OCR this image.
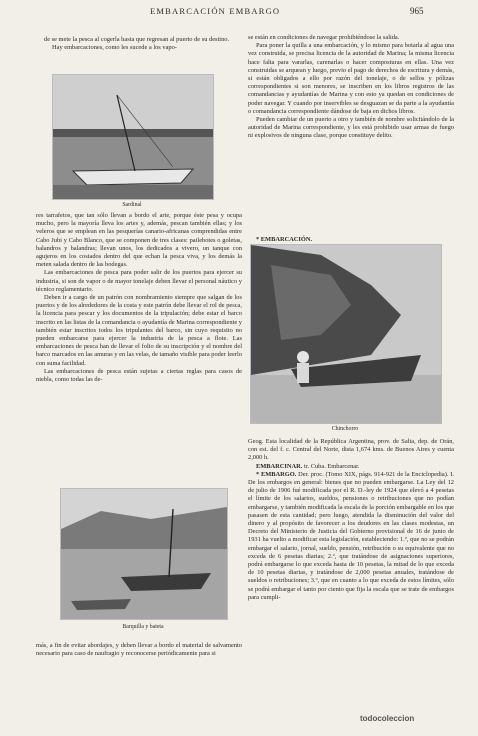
EMBARCACIÓN EMBARGO	965

de se mete la pesca al cogerla hasta que regresan al puerto de su destino.

Hay embarcaciones, como les sucede a los vapo-

Sardinal

res tarrafetos, que tan sólo llevan a bordo el arte, porque éste pesa y ocupa mucho, pero la mayoría lleva los artes y, además, pescan también ellas; y los veleros que se emplean en las pesquerías canario-africanas comprendidas entre Cabo Jubi y Cabo Blanco, que se componen de tres clases: pailebotes o goletas, balandros y balandras; llevan unos, los dedicados a vivero, un tanque con agujeros en los costados dentro del que echan la pesca viva, y los demás la meten salada dentro de las bodegas.

Las embarcaciones de pesca para poder salir de los puertos para ejercer su industria, si son de vapor o de mayor tonelaje deben llevar el personal náutico y técnico reglamentario.

Deben ir a cargo de un patrón con nombramiento siempre que salgan de los puertos y de los alrededores de la costa y este patrón debe llevar el rol de pesca, la licencia para pescar y los documentos de la tripulación; debe estar el barco inscrito en las listas de la comandancia o ayudantía de Marina correspondiente y también estar inscritos todos los tripulantes del barco, sin cuyo requisito no pueden embarcarse para ejercer la industria de la pesca a flote. Las embarcaciones de pesca han de llevar el folio de su inscripción y el nombre del barco marcados en las amuras y en las velas, de tamaño visible para poder leerlo con suma facilidad.

Las embarcaciones de pesca están sujetas a ciertas reglas para casos de niebla, como todas las de-

Barquilla y bateta

más, a fin de evitar abordajes, y deben llevar a bordo el material de salvamento necesario para caso de naufragio y reconocerse periódicamente para si

se están en condiciones de navegar prohibiéndose la salida.

Para poner la quilla a una embarcación, y lo mismo para botarla al agua una vez construida, se precisa licencia de la autoridad de Marina; la misma licencia hace falta para vararlas, carenarlas o hacer composturas en ellas. Una vez construidas se arquean y luego, previo el pago de derechos de escritura y demás, si están obligados a ello por razón del tonelaje, o de sellos y pólizas correspondientes si son menores, se inscriben en los libros registros de las comandancias y ayudantías de Marina y con esto ya quedan en condiciones de poder navegar. Y cuando por inservibles se desguazan se da parte a la ayudantía o comandancia correspondiente dándose de baja en dichos libros.

Pueden cambiar de un puerto a otro y también de nombre solicitándolo de la autoridad de Marina correspondiente, y les está prohibido usar armas de fuego ni explosivos de ninguna clase, porque constituye delito.

* EMBARCACIÓN.

Chinchorro

Geog. Esta localidad de la República Argentina, prov. de Salta, dep. de Orán, con est. del f. c. Central del Norte, dista 1,674 kms. de Buenos Aires y cuenta 2,000 h.

EMBARCINAR. tr. Cuba. Embarcenar.

* EMBARGO. Der. proc. (Tomo XIX, págs. 914-921 de la Enciclopedia). I. De los embargos en general: bienes que no pueden embargarse. La Ley del 12 de julio de 1906 fué modificada por el R. D.-ley de 1924 que elevó a 4 pesetas el límite de los salarios, sueldos, pensiones o retribuciones que no podían embargarse, y también modificada la escala de la porción embargable en los que pasasen de esta cantidad; pero luego, atendida la disminución del valor del dinero y al propósito de favorecer a los deudores en las clases modestas, un Decreto del Ministerio de Justicia del Gobierno provisional de 16 de junio de 1931 ha vuelto a modificar esta legislación, estableciendo: 1.º, que no se podrán embargar el salario, jornal, sueldo, pensión, retribución o su equivalente que no exceda de 6 pesetas diarias; 2.º, que tratándose de asignaciones superiores, podrá embargarse lo que exceda hasta de 10 pesetas, la mitad de lo que exceda de 10 pesetas diarias, y tratándose de 2,000 pesetas anuales, tratándose de sueldos o retribuciones; 3.º, que en cuanto a lo que exceda de estos límites, sólo se podrá embargar el tanto por ciento que fija la escala que se trate de embargos para cumpli-

todocoleccion
